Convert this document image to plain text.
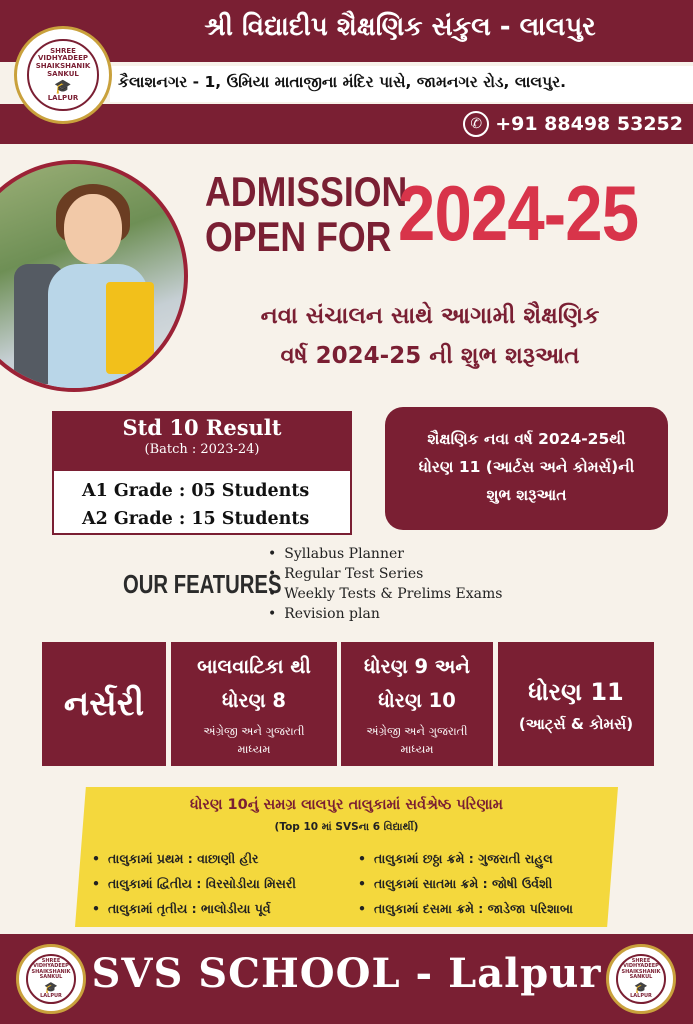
શ્રી વિદ્યાદીપ શૈક્ષણિક સંકુલ - લાલપુર
કૈલાશનગર - 1, ઉમિયા માતાજીના મંદિર પાસે, જામનગર રોડ, લાલપુર.
✆ +91 88498 53252
SHREE VIDHYADEEP SHAIKSHANIK SANKUL
🎓
LALPUR
ADMISSION
OPEN FOR 2024-25
નવા સંચાલન સાથે આગામી શૈક્ષણિક
વર્ષ 2024-25 ની શુભ શરૂઆત
Std 10 Result
(Batch : 2023-24)
A1 Grade : 05 Students
A2 Grade : 15 Students
શૈક્ષણિક નવા વર્ષ 2024-25થી
ધોરણ 11 (આર્ટસ અને કોમર્સ)ની
શુભ શરૂઆત
OUR FEATURES
• Syllabus Planner
• Regular Test Series
• Weekly Tests & Prelims Exams
• Revision plan
નર્સરી
બાલવાટિકા થી
ધોરણ 8
અંગ્રેજી અને ગુજરાતી
માધ્યમ
ધોરણ 9 અને
ધોરણ 10
અંગ્રેજી અને ગુજરાતી
માધ્યમ
ધોરણ 11
(આર્ટ્સ & કોમર્સ)
ધોરણ 10નું સમગ્ર લાલપુર તાલુકામાં સર્વશ્રેષ્ઠ પરિણામ
(Top 10 માં SVSના 6 વિદ્યાર્થી)
• તાલુકામાં પ્રથમ : વાછાણી હીર
• તાલુકામાં દ્વિતીય : વિરસોડીયા મિસરી
• તાલુકામાં તૃતીય : ભાલોડીયા પૂર્વ
• તાલુકામાં છઠ્ઠા ક્રમે : ગુજરાતી રાહુલ
• તાલુકામાં સાતમા ક્રમે : જોષી ઉર્વશી
• તાલુકામાં દસમા ક્રમે : જાડેજા પરિશાબા
SVS SCHOOL - Lalpur
SHREE VIDHYADEEP SHAIKSHANIK SANKUL
🎓
LALPUR
SHREE VIDHYADEEP SHAIKSHANIK SANKUL
🎓
LALPUR
